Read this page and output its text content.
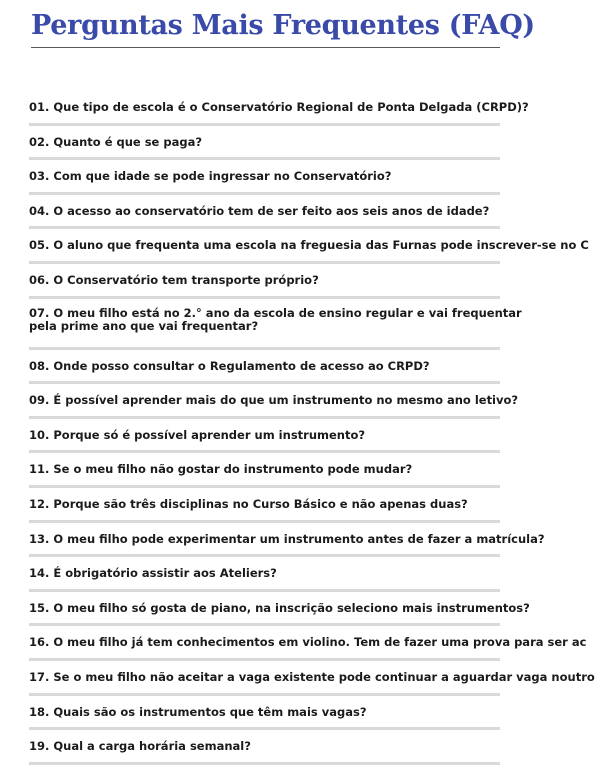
Perguntas Mais Frequentes (FAQ)
01. Que tipo de escola é o Conservatório Regional de Ponta Delgada (CRPD)?
02. Quanto é que se paga?
03. Com que idade se pode ingressar no Conservatório?
04. O acesso ao conservatório tem de ser feito aos seis anos de idade?
05. O aluno que frequenta uma escola na freguesia das Furnas pode inscrever-se no C
06. O Conservatório tem transporte próprio?
07. O meu filho está no 2.° ano da escola de ensino regular e vai frequentar pela prime ano que vai frequentar?
08. Onde posso consultar o Regulamento de acesso ao CRPD?
09. É possível aprender mais do que um instrumento no mesmo ano letivo?
10. Porque só é possível aprender um instrumento?
11. Se o meu filho não gostar do instrumento pode mudar?
12. Porque são três disciplinas no Curso Básico e não apenas duas?
13. O meu filho pode experimentar um instrumento antes de fazer a matrícula?
14. É obrigatório assistir aos Ateliers?
15. O meu filho só gosta de piano, na inscrição seleciono mais instrumentos?
16. O meu filho já tem conhecimentos em violino. Tem de fazer uma prova para ser ac
17. Se o meu filho não aceitar a vaga existente pode continuar a aguardar vaga noutro
18. Quais são os instrumentos que têm mais vagas?
19. Qual a carga horária semanal?
